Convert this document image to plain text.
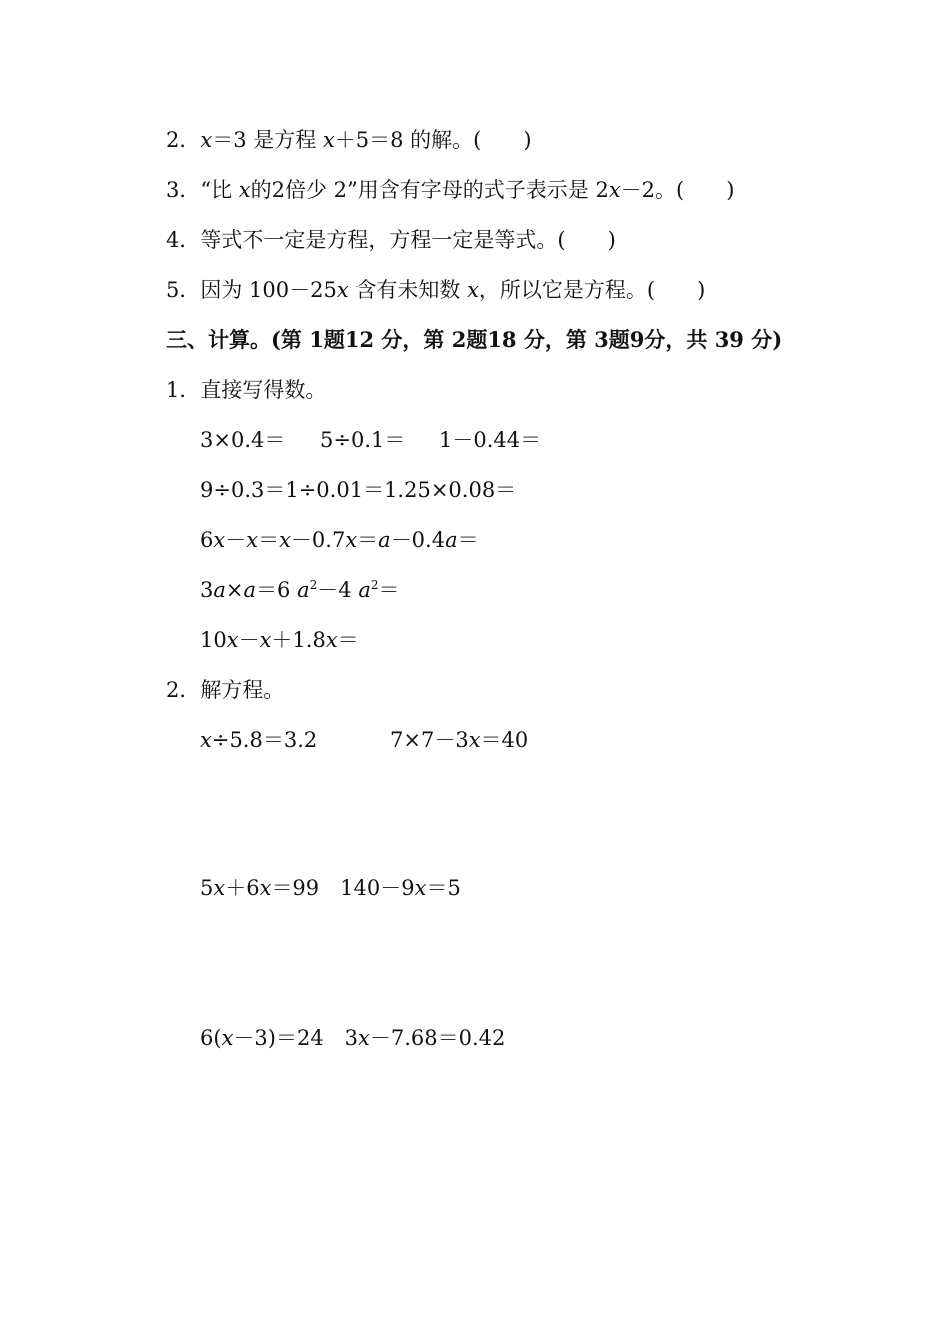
2．x＝3 是方程 x＋5＝8 的解。(　　)
3．“比 x的2倍少 2”用含有字母的式子表示是 2x－2。(　　)
4．等式不一定是方程，方程一定是等式。(　　)
5．因为 100－25x 含有未知数 x，所以它是方程。(　　)
三、计算。(第 1题12 分，第 2题18 分，第 3题9分，共 39 分)
1．直接写得数。
3×0.4＝ 5÷0.1＝ 1－0.44＝
9÷0.3＝1÷0.01＝1.25×0.08＝
6x－x＝x－0.7x＝a－0.4a＝
3a×a＝6 $a^2-4$ $a^2=$
10x－x＋1.8x＝
2．解方程。
x÷5.8＝3.2	7×7－3x＝40
5x＋6x＝99　140－9x＝5
6(x－3)＝24　3x－7.68＝0.42
